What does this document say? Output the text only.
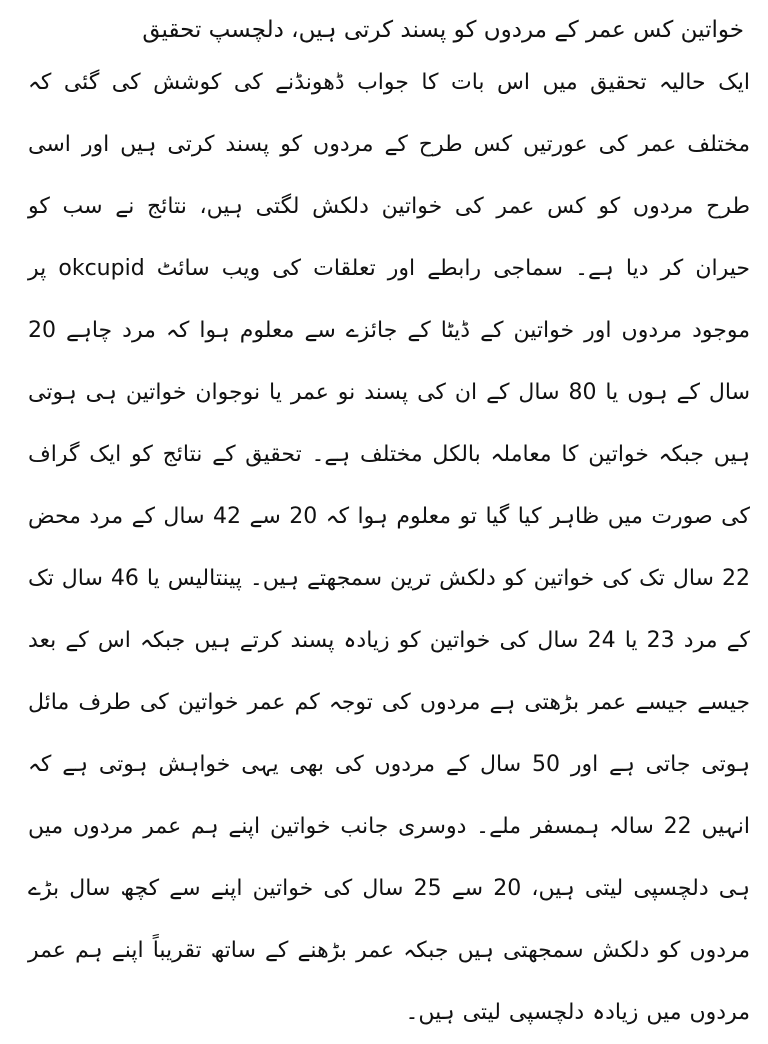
خواتین کس عمر کے مردوں کو پسند کرتی ہیں، دلچسپ تحقیق

ایک حالیہ تحقیق میں اس بات کا جواب ڈھونڈنے کی کوشش کی گئی کہ مختلف عمر کی عورتیں کس طرح کے مردوں کو پسند کرتی ہیں اور اسی طرح مردوں کو کس عمر کی خواتین دلکش لگتی ہیں، نتائج نے سب کو حیران کر دیا ہے۔ سماجی رابطے اور تعلقات کی ویب سائٹ okcupid پر موجود مردوں اور خواتین کے ڈیٹا کے جائزے سے معلوم ہوا کہ مرد چاہے 20 سال کے ہوں یا 80 سال کے ان کی پسند نو عمر یا نوجوان خواتین ہی ہوتی ہیں جبکہ خواتین کا معاملہ بالکل مختلف ہے۔ تحقیق کے نتائج کو ایک گراف کی صورت میں ظاہر کیا گیا تو معلوم ہوا کہ 20 سے 42 سال کے مرد محض 22 سال تک کی خواتین کو دلکش ترین سمجھتے ہیں۔ پینتالیس یا 46 سال تک کے مرد 23 یا 24 سال کی خواتین کو زیادہ پسند کرتے ہیں جبکہ اس کے بعد جیسے جیسے عمر بڑھتی ہے مردوں کی توجہ کم عمر خواتین کی طرف مائل ہوتی جاتی ہے اور 50 سال کے مردوں کی بھی یہی خواہش ہوتی ہے کہ انہیں 22 سالہ ہمسفر ملے۔ دوسری جانب خواتین اپنے ہم عمر مردوں میں ہی دلچسپی لیتی ہیں، 20 سے 25 سال کی خواتین اپنے سے کچھ سال بڑے مردوں کو دلکش سمجھتی ہیں جبکہ عمر بڑھنے کے ساتھ تقریباً اپنے ہم عمر مردوں میں زیادہ دلچسپی لیتی ہیں۔
